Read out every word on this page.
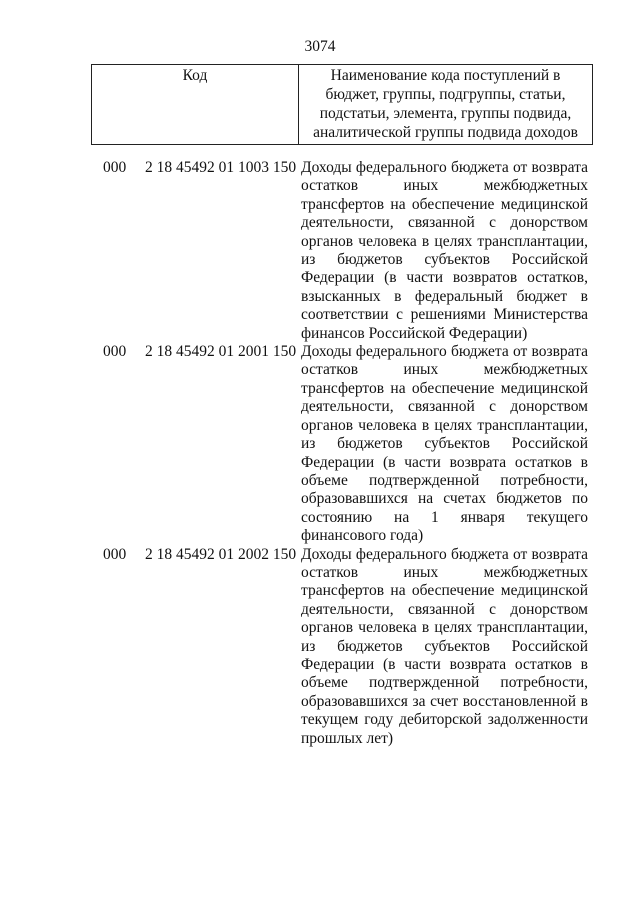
3074
Код	Наименование кода поступлений в бюджет, группы, подгруппы, статьи, подстатьи, элемента, группы подвида, аналитической группы подвида доходов
000 2 18 45492 01 1003 150 Доходы федерального бюджета от возврата остатков иных межбюджетных трансфертов на обеспечение медицинской деятельности, связанной с донорством органов человека в целях трансплантации, из бюджетов субъектов Российской Федерации (в части возвратов остатков, взысканных в федеральный бюджет в соответствии с решениями Министерства финансов Российской Федерации)
000 2 18 45492 01 2001 150 Доходы федерального бюджета от возврата остатков иных межбюджетных трансфертов на обеспечение медицинской деятельности, связанной с донорством органов человека в целях трансплантации, из бюджетов субъектов Российской Федерации (в части возврата остатков в объеме подтвержденной потребности, образовавшихся на счетах бюджетов по состоянию на 1 января текущего финансового года)
000 2 18 45492 01 2002 150 Доходы федерального бюджета от возврата остатков иных межбюджетных трансфертов на обеспечение медицинской деятельности, связанной с донорством органов человека в целях трансплантации, из бюджетов субъектов Российской Федерации (в части возврата остатков в объеме подтвержденной потребности, образовавшихся за счет восстановленной в текущем году дебиторской задолженности прошлых лет)
